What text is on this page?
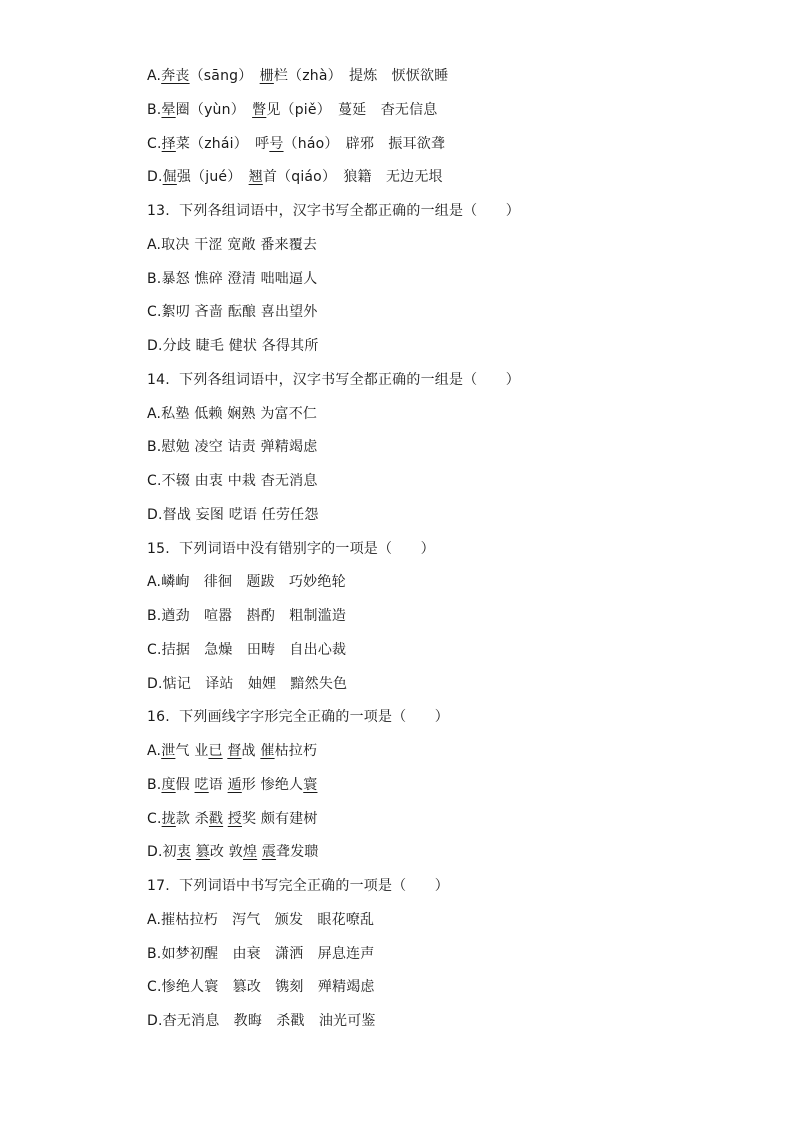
A.奔丧（sāng）　栅栏（zhà）　提炼　恹恹欲睡
B.晕圈（yùn）　瞥见（piě）　蔓延　杳无信息
C.择菜（zhái）　呼号（háo）　辟邪　振耳欲聋
D.倔强（jué）　翘首（qiáo）　狼籍　无边无垠
13.  下列各组词语中，汉字书写全都正确的一组是（　　）
A.取决 干涩 宽敞 番来覆去
B.暴怒 憔碎 澄清 咄咄逼人
C.絮叨 吝啬 酝酿 喜出望外
D.分歧 睫毛 健状 各得其所
14.  下列各组词语中，汉字书写全都正确的一组是（　　）
A.私塾 低赖 娴熟 为富不仁
B.慰勉 凌空 诘责 弹精竭虑
C.不辍 由衷 中栽 杳无消息
D.督战 妄图 呓语 任劳任怨
15.  下列词语中没有错别字的一项是（　　）
A.嶙峋　徘徊　题跋　巧妙绝轮
B.遒劲　喧嚣　斟酌　粗制滥造
C.拮据　急燥　田畴　自出心裁
D.惦记　译站　妯娌　黯然失色
16.  下列画线字字形完全正确的一项是（　　）
A.泄气 业已 督战 催枯拉朽
B.度假 呓语 遁形 惨绝人寰
C.拢款 杀戳 授奖 颇有建树
D.初衷 篡改 敦煌 震聋发聩
17.  下列词语中书写完全正确的一项是（　　）
A.摧枯拉朽　泻气　颁发　眼花嘹乱
B.如梦初醒　由衰　潇洒　屏息连声
C.惨绝人寰　篡改　镌刻　殚精竭虑
D.杳无消息　教晦　杀戳　油光可鉴
